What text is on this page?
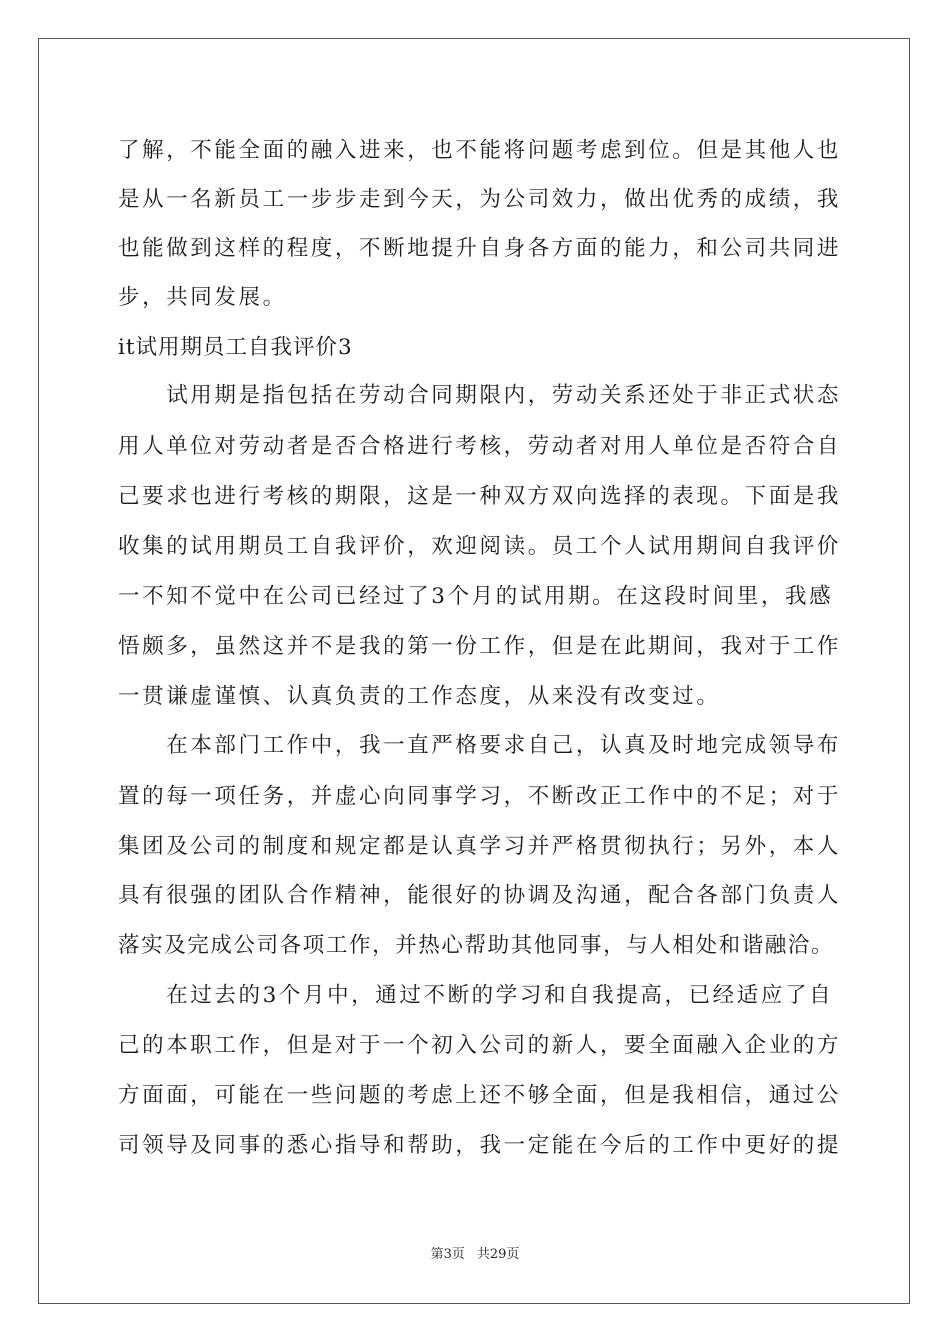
了解，不能全面的融入进来，也不能将问题考虑到位。但是其他人也
是从一名新员工一步步走到今天，为公司效力，做出优秀的成绩，我
也能做到这样的程度，不断地提升自身各方面的能力，和公司共同进
步，共同发展。
it试用期员工自我评价3
　　试用期是指包括在劳动合同期限内，劳动关系还处于非正式状态
用人单位对劳动者是否合格进行考核，劳动者对用人单位是否符合自
己要求也进行考核的期限，这是一种双方双向选择的表现。下面是我
收集的试用期员工自我评价，欢迎阅读。员工个人试用期间自我评价
一不知不觉中在公司已经过了3个月的试用期。在这段时间里，我感
悟颇多，虽然这并不是我的第一份工作，但是在此期间，我对于工作
一贯谦虚谨慎、认真负责的工作态度，从来没有改变过。
　　在本部门工作中，我一直严格要求自己，认真及时地完成领导布
置的每一项任务，并虚心向同事学习，不断改正工作中的不足；对于
集团及公司的制度和规定都是认真学习并严格贯彻执行；另外，本人
具有很强的团队合作精神，能很好的协调及沟通，配合各部门负责人
落实及完成公司各项工作，并热心帮助其他同事，与人相处和谐融洽。
　　在过去的3个月中，通过不断的学习和自我提高，已经适应了自
己的本职工作，但是对于一个初入公司的新人，要全面融入企业的方
方面面，可能在一些问题的考虑上还不够全面，但是我相信，通过公
司领导及同事的悉心指导和帮助，我一定能在今后的工作中更好的提
第3页 共29页
